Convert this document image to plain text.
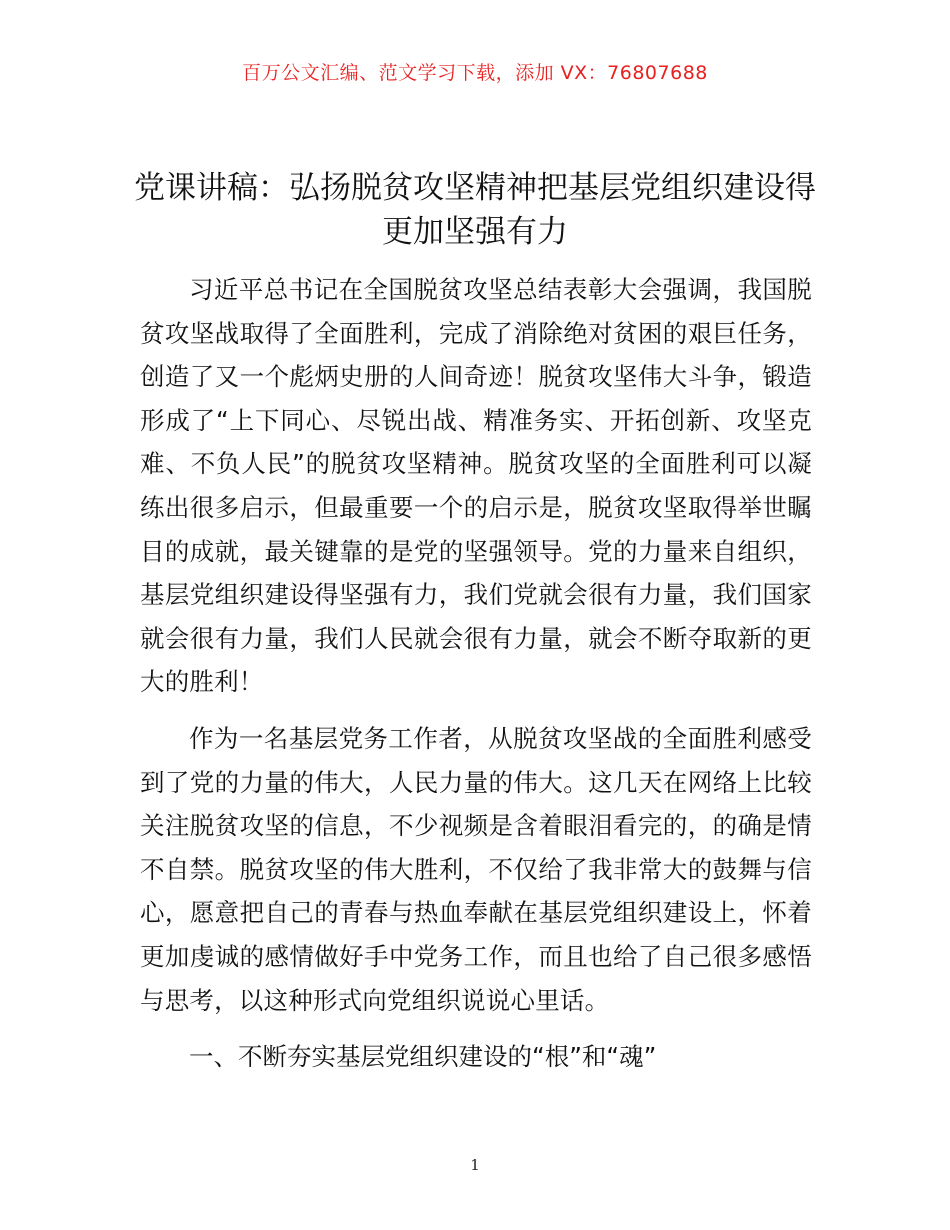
百万公文汇编、范文学习下载，添加 VX：76807688
党课讲稿：弘扬脱贫攻坚精神把基层党组织建设得更加坚强有力

习近平总书记在全国脱贫攻坚总结表彰大会强调，我国脱贫攻坚战取得了全面胜利，完成了消除绝对贫困的艰巨任务，创造了又一个彪炳史册的人间奇迹！脱贫攻坚伟大斗争，锻造形成了“上下同心、尽锐出战、精准务实、开拓创新、攻坚克难、不负人民”的脱贫攻坚精神。脱贫攻坚的全面胜利可以凝练出很多启示，但最重要一个的启示是，脱贫攻坚取得举世瞩目的成就，最关键靠的是党的坚强领导。党的力量来自组织，基层党组织建设得坚强有力，我们党就会很有力量，我们国家就会很有力量，我们人民就会很有力量，就会不断夺取新的更大的胜利！

作为一名基层党务工作者，从脱贫攻坚战的全面胜利感受到了党的力量的伟大，人民力量的伟大。这几天在网络上比较关注脱贫攻坚的信息，不少视频是含着眼泪看完的，的确是情不自禁。脱贫攻坚的伟大胜利，不仅给了我非常大的鼓舞与信心，愿意把自己的青春与热血奉献在基层党组织建设上，怀着更加虔诚的感情做好手中党务工作，而且也给了自己很多感悟与思考，以这种形式向党组织说说心里话。

一、不断夯实基层党组织建设的“根”和“魂”

1
